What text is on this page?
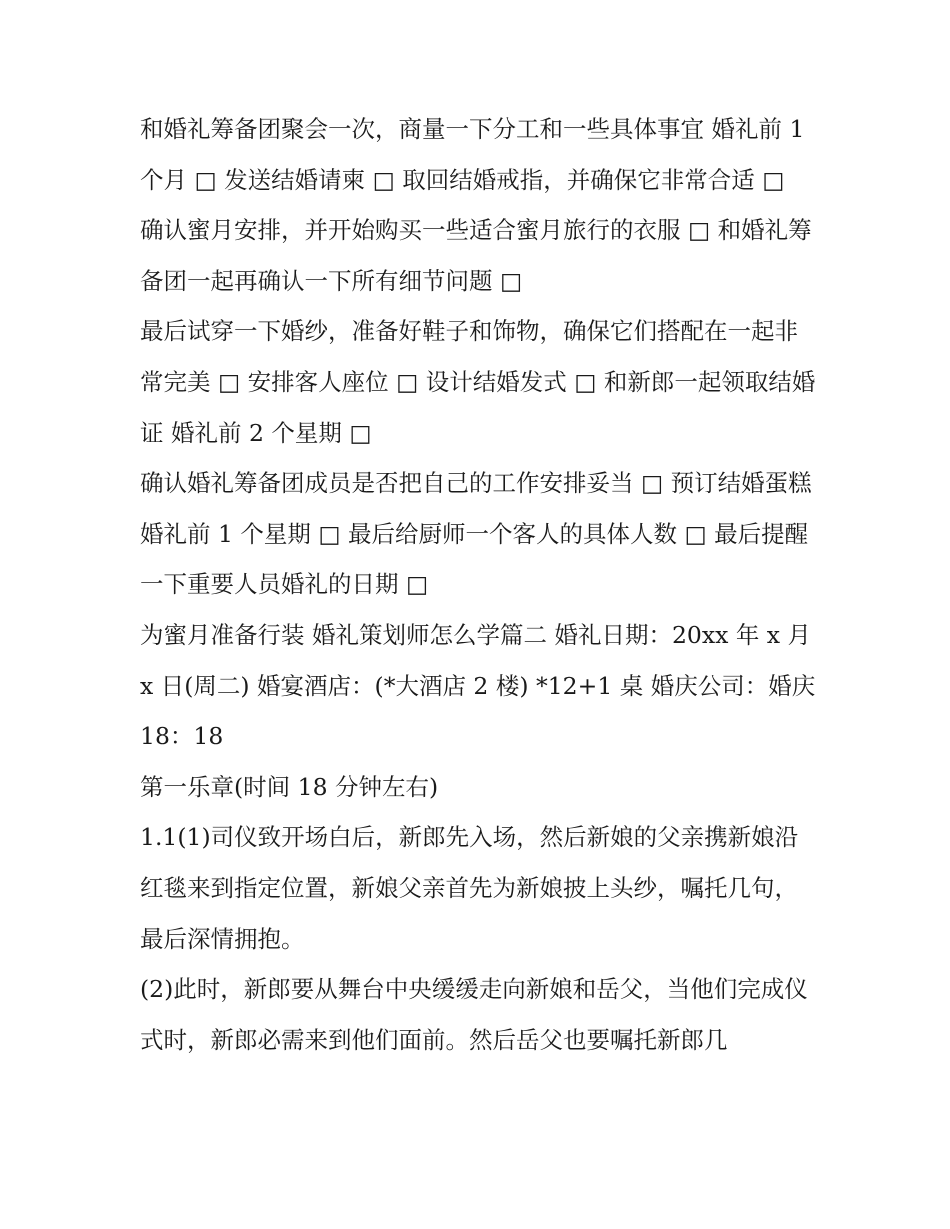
和婚礼筹备团聚会一次，商量一下分工和一些具体事宜 婚礼前 1 个月 □ 发送结婚请柬 □ 取回结婚戒指，并确保它非常合适 □

确认蜜月安排，并开始购买一些适合蜜月旅行的衣服 □ 和婚礼筹备团一起再确认一下所有细节问题 □

最后试穿一下婚纱，准备好鞋子和饰物，确保它们搭配在一起非常完美 □ 安排客人座位 □ 设计结婚发式 □ 和新郎一起领取结婚证 婚礼前 2 个星期 □

确认婚礼筹备团成员是否把自己的工作安排妥当 □ 预订结婚蛋糕婚礼前 1 个星期 □ 最后给厨师一个客人的具体人数 □ 最后提醒一下重要人员婚礼的日期 □

为蜜月准备行装 婚礼策划师怎么学篇二 婚礼日期：20xx 年 x 月 x 日(周二) 婚宴酒店：(*大酒店 2 楼) *12+1 桌 婚庆公司：婚庆 18：18

第一乐章(时间 18 分钟左右)

1.1(1)司仪致开场白后，新郎先入场，然后新娘的父亲携新娘沿红毯来到指定位置，新娘父亲首先为新娘披上头纱，嘱托几句，最后深情拥抱。

(2)此时，新郎要从舞台中央缓缓走向新娘和岳父，当他们完成仪式时，新郎必需来到他们面前。然后岳父也要嘱托新郎几
